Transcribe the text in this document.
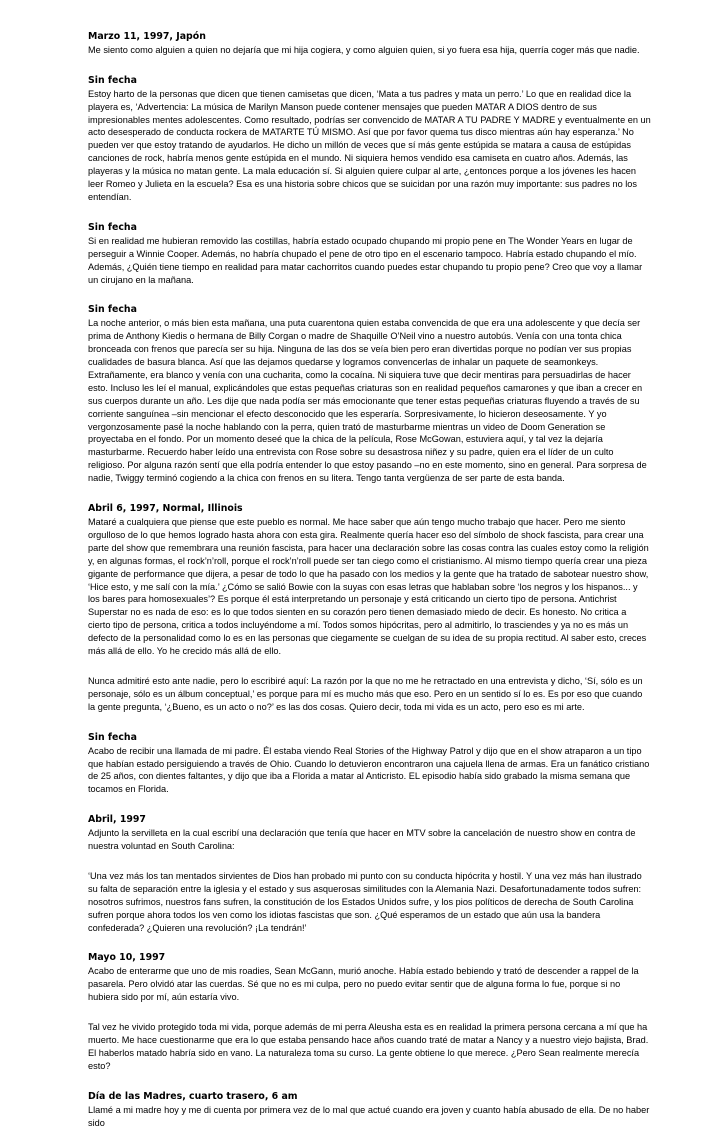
Marzo 11, 1997, Japón
Me siento como alguien a quien no dejaría que mi hija cogiera, y como alguien quien, si yo fuera esa hija, querría coger más que nadie.
Sin fecha
Estoy harto de la personas que dicen que tienen camisetas que dicen, ‘Mata a tus padres y mata un perro.’ Lo que en realidad dice la playera es, ‘Advertencia: La música de Marilyn Manson puede contener mensajes que pueden MATAR A DIOS dentro de sus impresionables mentes adolescentes. Como resultado, podrías ser convencido de MATAR A TU PADRE Y MADRE y eventualmente en un acto desesperado de conducta rockera de MATARTE TÚ MISMO. Así que por favor quema tus disco mientras aún hay esperanza.’ No pueden ver que estoy tratando de ayudarlos. He dicho un millón de veces que sí más gente estúpida se matara a causa de estúpidas canciones de rock, habría menos gente estúpida en el mundo. Ni siquiera hemos vendido esa camiseta en cuatro años. Además, las playeras y la música no matan gente. La mala educación sí. Si alguien quiere culpar al arte, ¿entonces porque a los jóvenes les hacen leer Romeo y Julieta en la escuela? Esa es una historia sobre chicos que se suicidan por una razón muy importante: sus padres no los entendían.
Sin fecha
Si en realidad me hubieran removido las costillas, habría estado ocupado chupando mi propio pene en The Wonder Years en lugar de perseguir a Winnie Cooper. Además, no habría chupado el pene de otro tipo en el escenario tampoco. Habría estado chupando el mío. Además, ¿Quién tiene tiempo en realidad para matar cachorritos cuando puedes estar chupando tu propio pene? Creo que voy a llamar un cirujano en la mañana.
Sin fecha
La noche anterior, o más bien esta mañana, una puta cuarentona quien estaba convencida de que era una adolescente y que decía ser prima de Anthony Kiedis o hermana de Billy Corgan o madre de Shaquille O’Neil vino a nuestro autobús. Venía con una tonta chica bronceada con frenos que parecía ser su hija. Ninguna de las dos se veía bien pero eran divertidas porque no podían ver sus propias cualidades de basura blanca. Así que las dejamos quedarse y logramos convencerlas de inhalar un paquete de seamonkeys. Extrañamente, era blanco y venía con una cucharita, como la cocaína. Ni siquiera tuve que decir mentiras para persuadirlas de hacer esto. Incluso les leí el manual, explicándoles que estas pequeñas criaturas son en realidad pequeños camarones y que iban a crecer en sus cuerpos durante un año. Les dije que nada podía ser más emocionante que tener estas pequeñas criaturas fluyendo a través de su corriente sanguínea –sin mencionar el efecto desconocido que les esperaría. Sorpresivamente, lo hicieron deseosamente. Y yo vergonzosamente pasé la noche hablando con la perra, quien trató de masturbarme mientras un video de Doom Generation se proyectaba en el fondo. Por un momento deseé que la chica de la película, Rose McGowan, estuviera aquí, y tal vez la dejaría masturbarme. Recuerdo haber leído una entrevista con Rose sobre su desastrosa niñez y su padre, quien era el líder de un culto religioso. Por alguna razón sentí que ella podría entender lo que estoy pasando –no en este momento, sino en general. Para sorpresa de nadie, Twiggy terminó cogiendo a la chica con frenos en su litera. Tengo tanta vergüenza de ser parte de esta banda.
Abril 6, 1997, Normal, Illinois
Mataré a cualquiera que piense que este pueblo es normal. Me hace saber que aún tengo mucho trabajo que hacer. Pero me siento orgulloso de lo que hemos logrado hasta ahora con esta gira. Realmente quería hacer eso del símbolo de shock fascista, para crear una parte del show que remembrara una reunión fascista, para hacer una declaración sobre las cosas contra las cuales estoy como la religión y, en algunas formas, el rock’n’roll, porque el rock’n’roll puede ser tan ciego como el cristianismo. Al mismo tiempo quería crear una pieza gigante de performance que dijera, a pesar de todo lo que ha pasado con los medios y la gente que ha tratado de sabotear nuestro show, ‘Hice esto, y me salí con la mía.’ ¿Cómo se salió Bowie con la suyas con esas letras que hablaban sobre ‘los negros y los hispanos... y los bares para homosexuales’? Es porque él está interpretando un personaje y está criticando un cierto tipo de persona. Antichrist Superstar no es nada de eso: es lo que todos sienten en su corazón pero tienen demasiado miedo de decir. Es honesto. No critica a cierto tipo de persona, critica a todos incluyéndome a mí. Todos somos hipócritas, pero al admitirlo, lo trasciendes y ya no es más un defecto de la personalidad como lo es en las personas que ciegamente se cuelgan de su idea de su propia rectitud. Al saber esto, creces más allá de ello. Yo he crecido más allá de ello.
Nunca admitiré esto ante nadie, pero lo escribiré aquí: La razón por la que no me he retractado en una entrevista y dicho, ‘Sí, sólo es un personaje, sólo es un álbum conceptual,’ es porque para mí es mucho más que eso. Pero en un sentido sí lo es. Es por eso que cuando la gente pregunta, ‘¿Bueno, es un acto o no?’ es las dos cosas. Quiero decir, toda mi vida es un acto, pero eso es mi arte.
Sin fecha
Acabo de recibir una llamada de mi padre. Él estaba viendo Real Stories of the Highway Patrol y dijo que en el show atraparon a un tipo que habían estado persiguiendo a través de Ohio. Cuando lo detuvieron encontraron una cajuela llena de armas. Era un fanático cristiano de 25 años, con dientes faltantes, y dijo que iba a Florida a matar al Anticristo. EL episodio había sido grabado la misma semana que tocamos en Florida.
Abril, 1997
Adjunto la servilleta en la cual escribí una declaración que tenía que hacer en MTV sobre la cancelación de nuestro show en contra de nuestra voluntad en South Carolina:
‘Una vez más los tan mentados sirvientes de Dios han probado mi punto con su conducta hipócrita y hostil. Y una vez más han ilustrado su falta de separación entre la iglesia y el estado y sus asquerosas similitudes con la Alemania Nazi. Desafortunadamente todos sufren: nosotros sufrimos, nuestros fans sufren, la constitución de los Estados Unidos sufre, y los pios políticos de derecha de South Carolina sufren porque ahora todos los ven como los idiotas fascistas que son. ¿Qué esperamos de un estado que aún usa la bandera confederada? ¿Quieren una revolución? ¡La tendrán!’
Mayo 10, 1997
Acabo de enterarme que uno de mis roadies, Sean McGann, murió anoche. Había estado bebiendo y trató de descender a rappel de la pasarela. Pero olvidó atar las cuerdas. Sé que no es mi culpa, pero no puedo evitar sentir que de alguna forma lo fue, porque si no hubiera sido por mí, aún estaría vivo.
Tal vez he vivido protegido toda mi vida, porque además de mi perra Aleusha esta es en realidad la primera persona cercana a mí que ha muerto. Me hace cuestionarme que era lo que estaba pensando hace años cuando traté de matar a Nancy y a nuestro viejo bajista, Brad. El haberlos matado habría sido en vano. La naturaleza toma su curso. La gente obtiene lo que merece. ¿Pero Sean realmente merecía esto?
Día de las Madres, cuarto trasero, 6 am
Llamé a mi madre hoy y me di cuenta por primera vez de lo mal que actué cuando era joven y cuanto había abusado de ella. De no haber sido
